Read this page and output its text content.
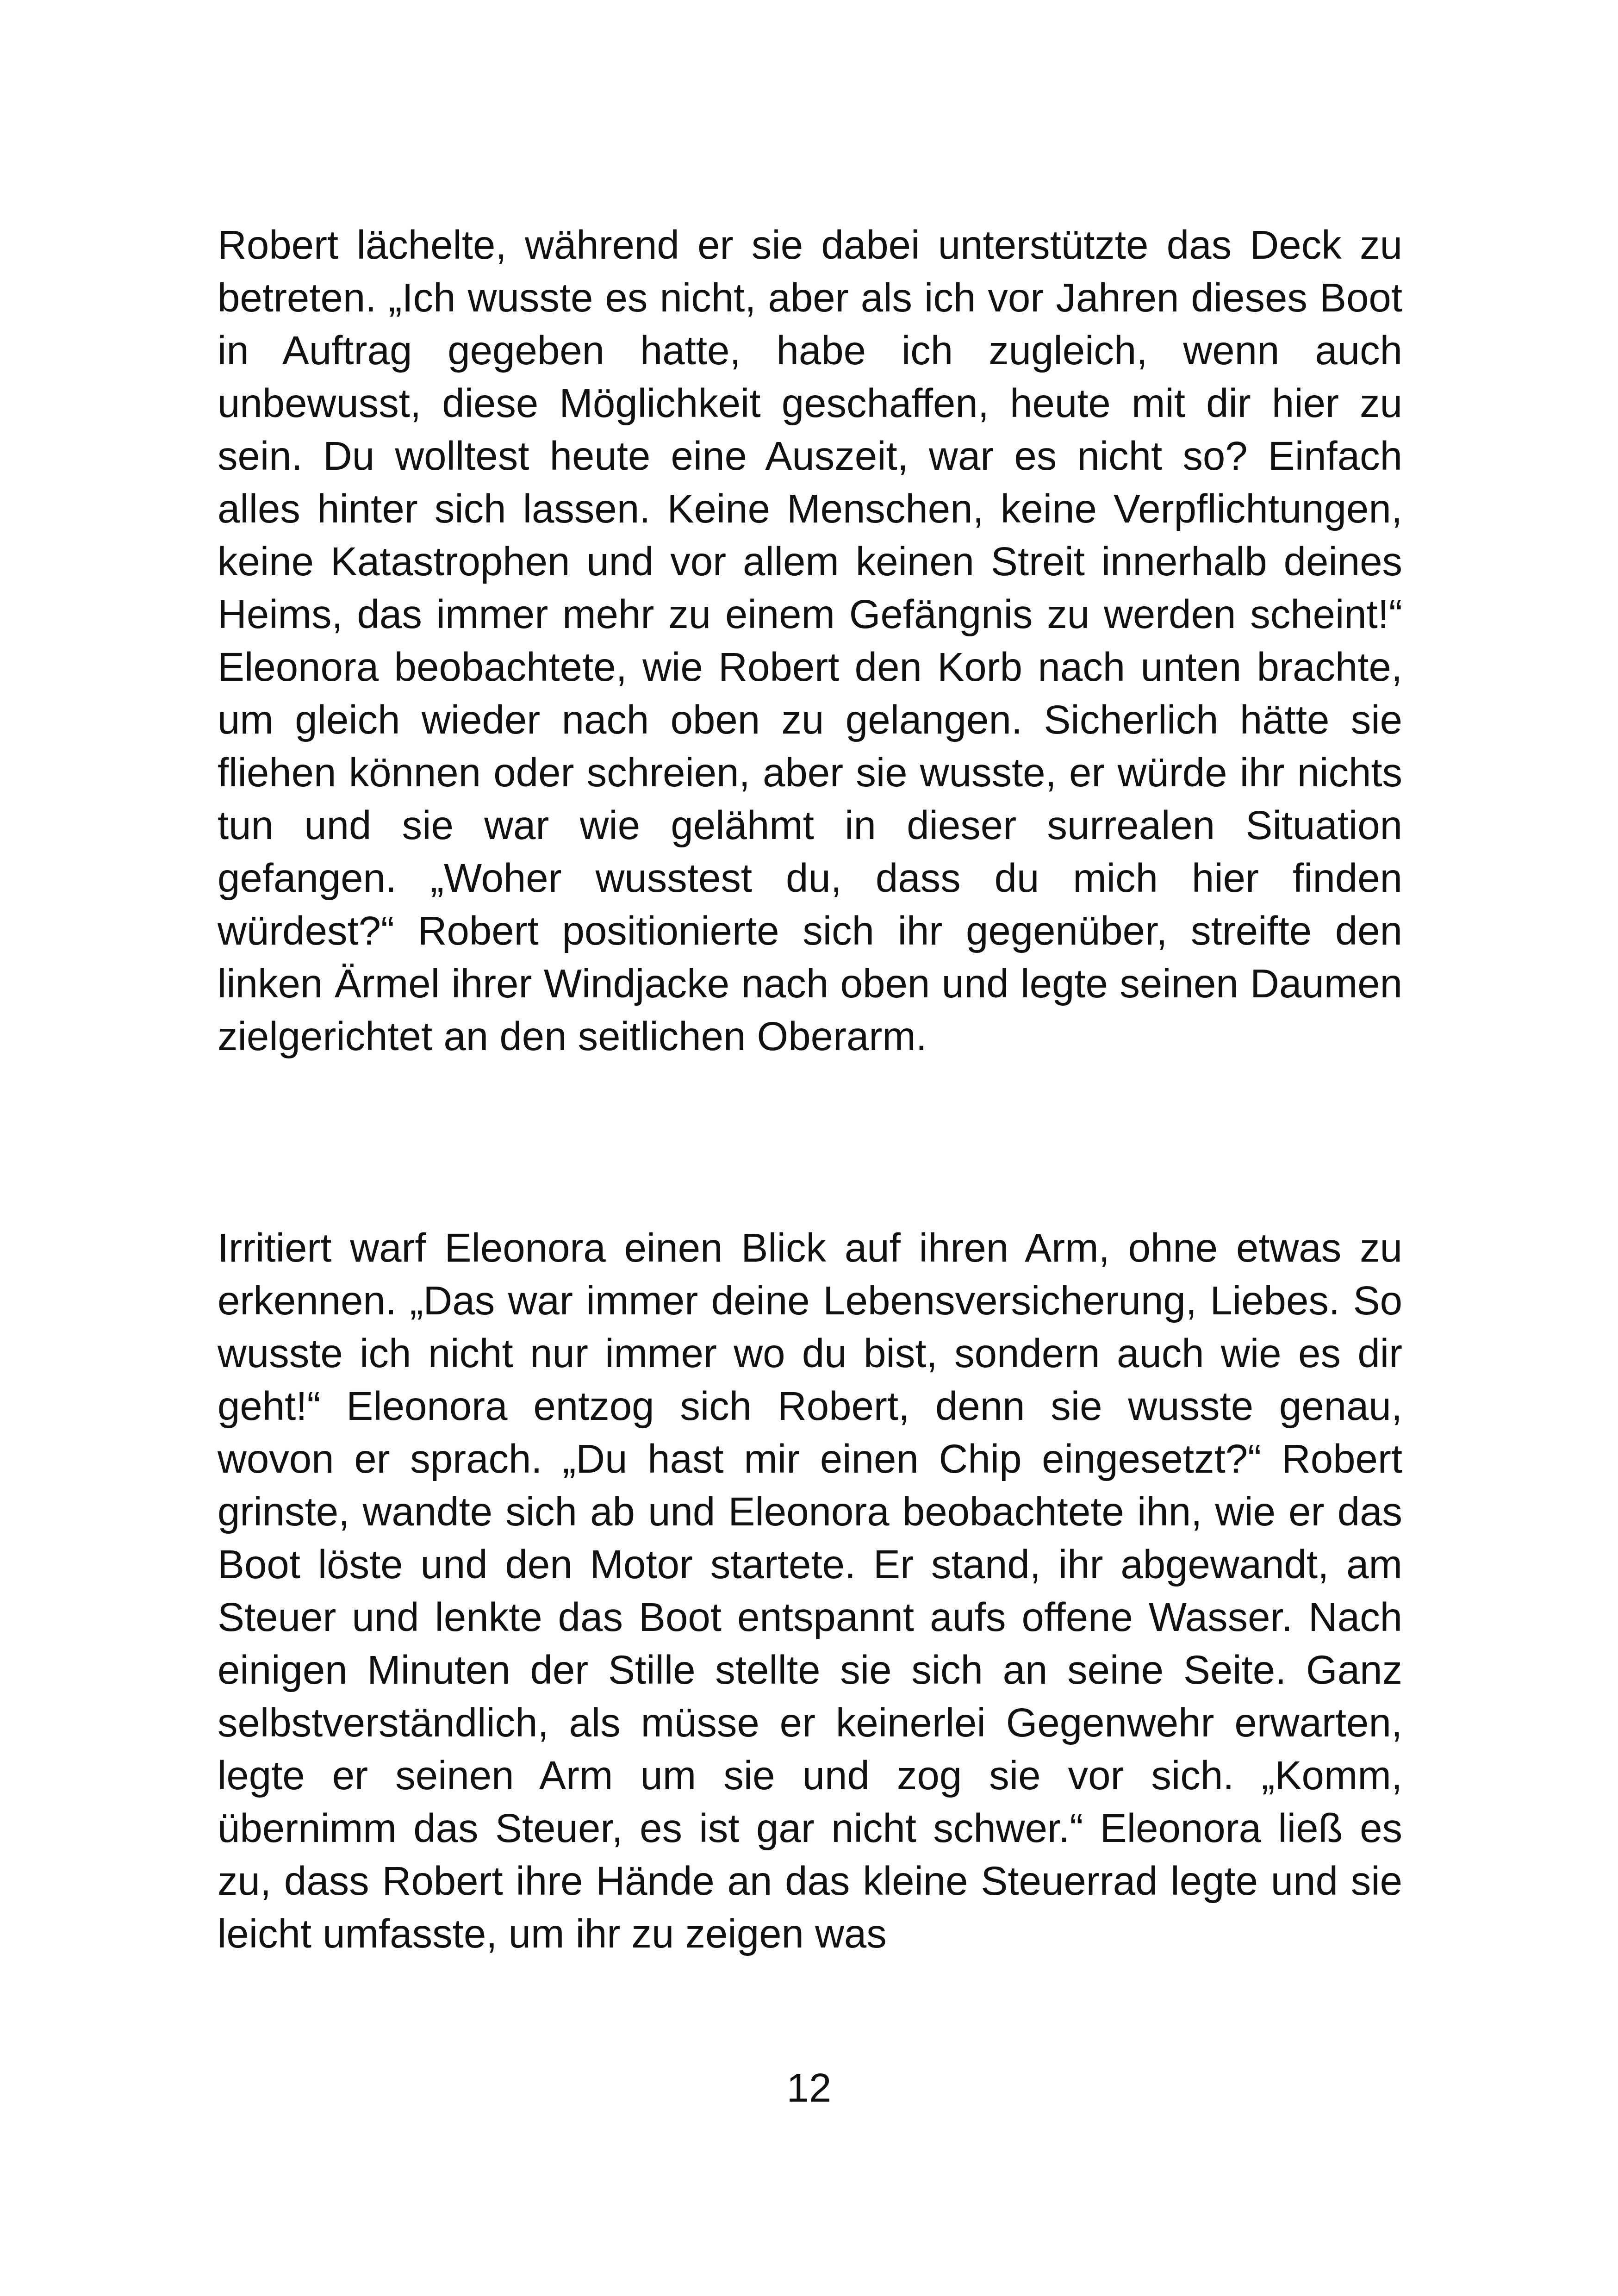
Robert lächelte, während er sie dabei unterstützte das Deck zu betreten. „Ich wusste es nicht, aber als ich vor Jahren dieses Boot in Auftrag gegeben hatte, habe ich zugleich, wenn auch unbewusst, diese Möglichkeit geschaffen, heute mit dir hier zu sein. Du wolltest heute eine Auszeit, war es nicht so? Einfach alles hinter sich lassen. Keine Menschen, keine Verpflichtungen, keine Katastrophen und vor allem keinen Streit innerhalb deines Heims, das immer mehr zu einem Gefängnis zu werden scheint!“ Eleonora beobachtete, wie Robert den Korb nach unten brachte, um gleich wieder nach oben zu gelangen. Sicherlich hätte sie fliehen können oder schreien, aber sie wusste, er würde ihr nichts tun und sie war wie gelähmt in dieser surrealen Situation gefangen. „Woher wusstest du, dass du mich hier finden würdest?“ Robert positionierte sich ihr gegenüber, streifte den linken Ärmel ihrer Windjacke nach oben und legte seinen Daumen zielgerichtet an den seitlichen Oberarm.

Irritiert warf Eleonora einen Blick auf ihren Arm, ohne etwas zu erkennen. „Das war immer deine Lebensversicherung, Liebes. So wusste ich nicht nur immer wo du bist, sondern auch wie es dir geht!“ Eleonora entzog sich Robert, denn sie wusste genau, wovon er sprach. „Du hast mir einen Chip eingesetzt?“ Robert grinste, wandte sich ab und Eleonora beobachtete ihn, wie er das Boot löste und den Motor startete. Er stand, ihr abgewandt, am Steuer und lenkte das Boot entspannt aufs offene Wasser. Nach einigen Minuten der Stille stellte sie sich an seine Seite. Ganz selbstverständlich, als müsse er keinerlei Gegenwehr erwarten, legte er seinen Arm um sie und zog sie vor sich. „Komm, übernimm das Steuer, es ist gar nicht schwer.“ Eleonora ließ es zu, dass Robert ihre Hände an das kleine Steuerrad legte und sie leicht umfasste, um ihr zu zeigen was

12
